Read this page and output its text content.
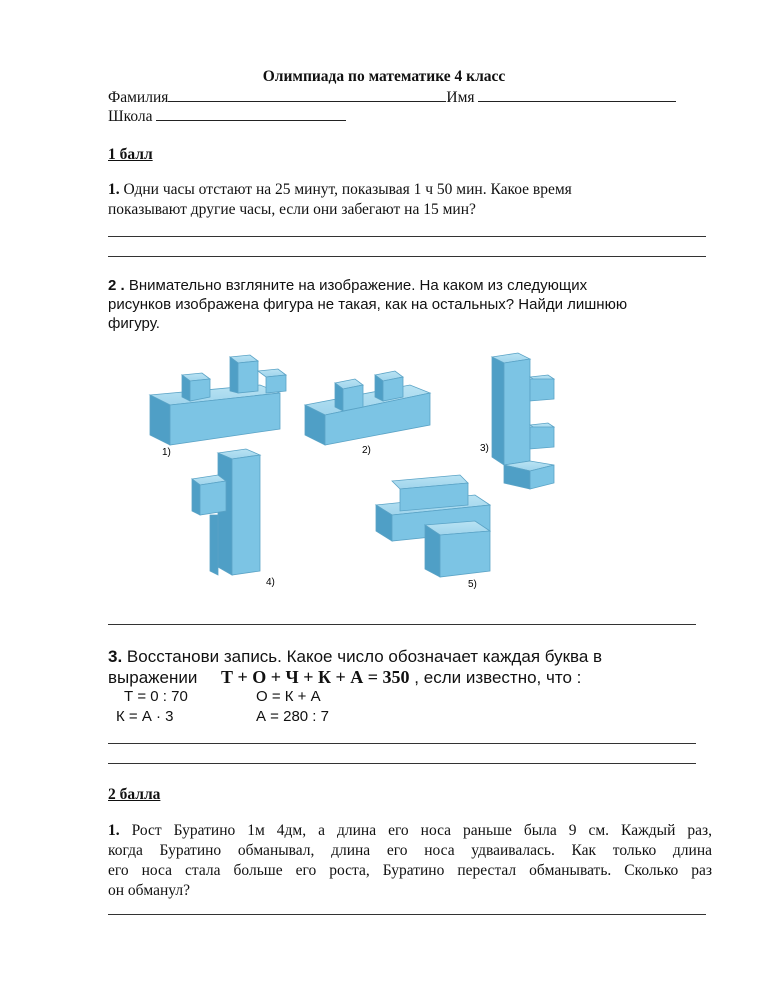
Олимпиада по математике 4 класс
Фамилия	Имя
Школа
1 балл
1. Одни часы отстают на 25 минут, показывая 1 ч 50 мин. Какое время
показывают другие часы, если они забегают на 15 мин?
2 . Внимательно взгляните на изображение. На каком из следующих
рисунков изображена фигура не такая, как на остальных? Найди лишнюю
фигуру.
1)	2)	3)
4)	5)
3. Восстанови запись. Какое число обозначает каждая буква в
выражении Т + О + Ч + К + А = 350 , если известно, что :
Т = 0 : 70	О = К + А
К = А · 3	А = 280 : 7
2 балла
1. Рост Буратино 1м 4дм, а длина его носа раньше была 9 см. Каждый раз,
когда Буратино обманывал, длина его носа удваивалась. Как только длина
его носа стала больше его роста, Буратино перестал обманывать. Сколько раз
он обманул?
